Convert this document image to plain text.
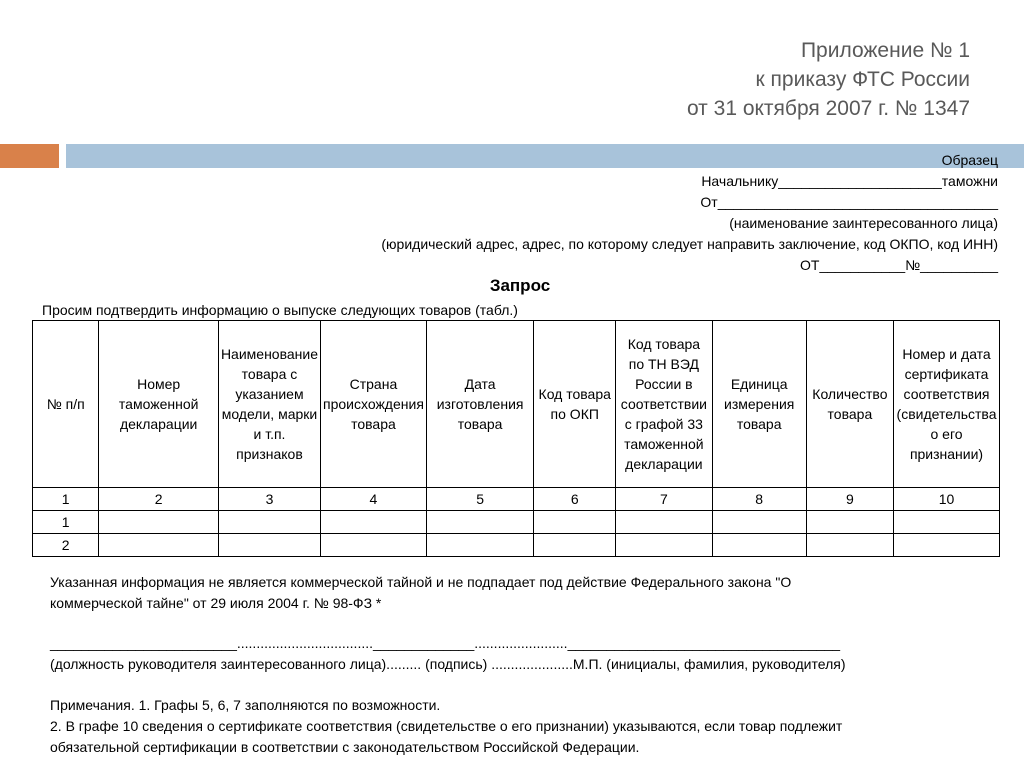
Приложение № 1
к приказу ФТС России
от 31 октября 2007 г. № 1347
Образец
Начальнику_____________________таможни
От____________________________________
(наименование заинтересованного лица)
(юридический адрес, адрес, по которому следует направить заключение, код ОКПО, код ИНН)
ОТ___________№__________
Запрос
Просим подтвердить информацию о выпуске следующих товаров (табл.)
№ п/п	Номер таможенной декларации	Наименование товара с указанием модели, марки и т.п. признаков	Страна происхождения товара	Дата изготовления товара	Код товара по ОКП	Код товара по ТН ВЭД России в соответствии с графой 33 таможенной декларации	Единица измерения товара	Количество товара	Номер и дата сертификата соответствия (свидетельства о его признании)
1	2	3	4	5	6	7	8	9	10
1									
2									
Указанная информация не является коммерческой тайной и не подпадает под действие Федерального закона "О
коммерческой тайне" от 29 июля 2004 г. № 98-ФЗ *
________________________..................................._____________........................___________________________________
(должность руководителя заинтересованного лица)......... (подпись) .....................М.П. (инициалы, фамилия, руководителя)
Примечания. 1. Графы 5, 6, 7 заполняются по возможности.
2. В графе 10 сведения о сертификате соответствия (свидетельстве о его признании) указываются, если товар подлежит
обязательной сертификации в соответствии с законодательством Российской Федерации.
